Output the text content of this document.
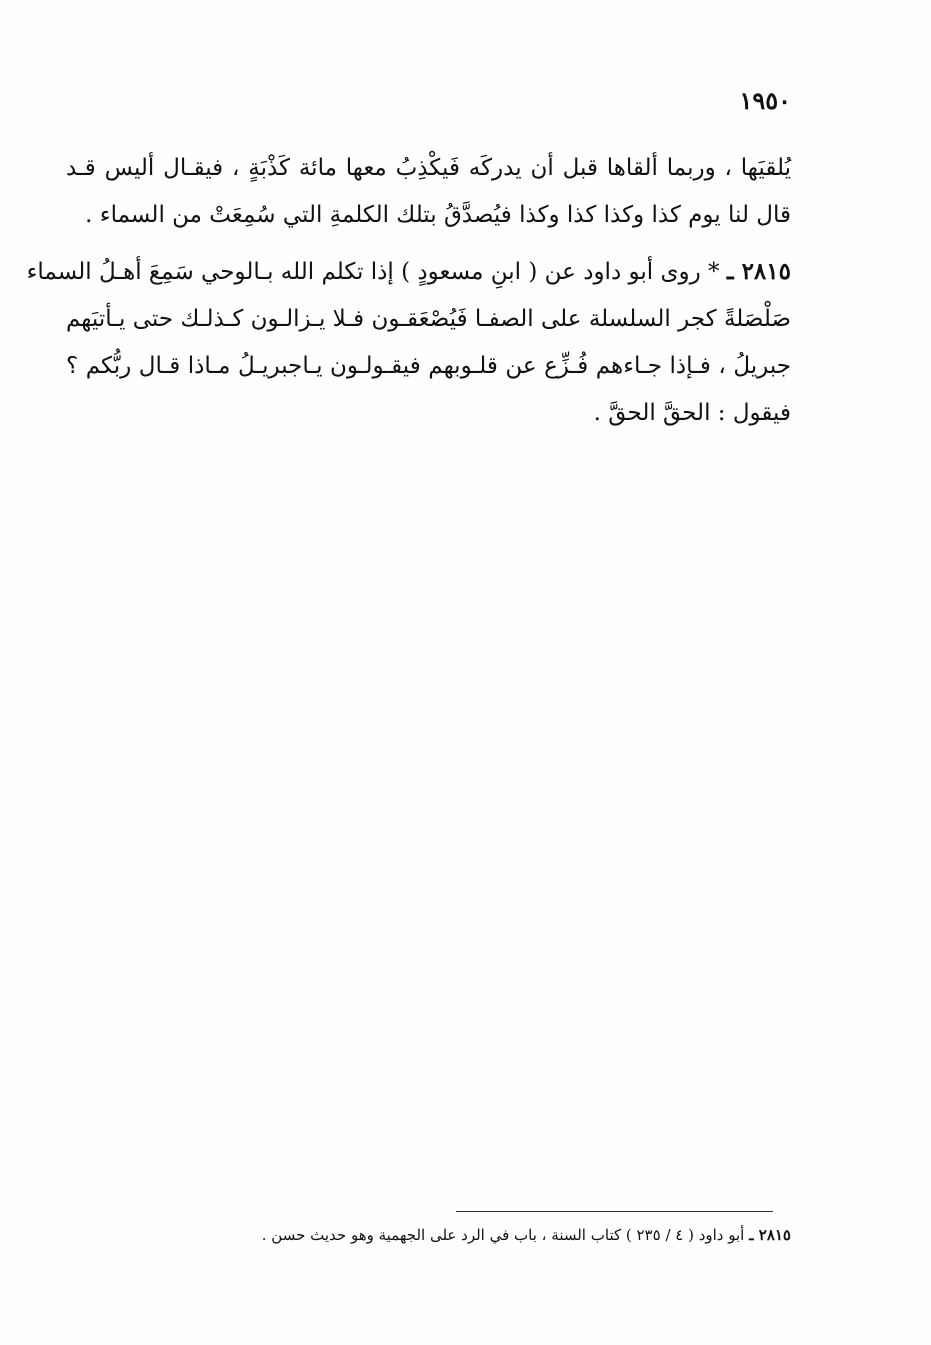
١٩٥٠
يُلقيَها ، وربما ألقاها قبل أن يدركَه فَيكْذِبُ معها مائة كَذْبَةٍ ، فيقـال أليس قـد
قال لنا يوم كذا وكذا كذا وكذا فيُصدَّقُ بتلك الكلمةِ التي سُمِعَتْ من السماء .
٢٨١٥ ـ * روى أبو داود عن ( ابنِ مسعودٍ ) إذا تكلم الله بـالوحي سَمِعَ أهـلُ السماء
صَلْصَلةً كجر السلسلة على الصفـا فَيُصْعَقـون فـلا يـزالـون كـذلـك حتى يـأتيَهم
جبريلُ ، فـإذا جـاءهم فُـزِّع عن قلـوبهم فيقـولـون يـاجبريـلُ مـاذا قـال ربُّكم ؟
فيقول : الحقَّ الحقَّ .
٢٨١٥ ـ أبو داود ( ٤ / ٢٣٥ ) كتاب السنة ، باب في الرد على الجهمية وهو حديث حسن .
